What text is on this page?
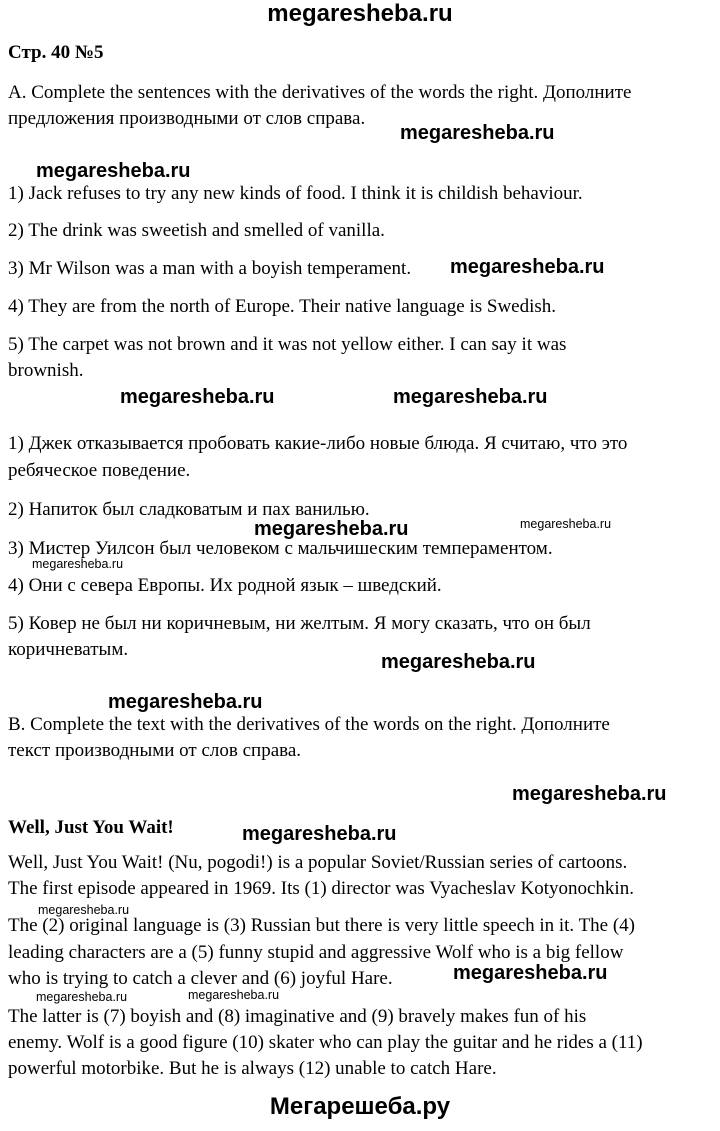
megaresheba.ru
Стр. 40 №5
A. Complete the sentences with the derivatives of the words the right. Дополните
предложения производными от слов справа.
1) Jack refuses to try any new kinds of food. I think it is childish behaviour.
2) The drink was sweetish and smelled of vanilla.
3) Mr Wilson was a man with a boyish temperament.
4) They are from the north of Europe. Their native language is Swedish.
5) The carpet was not brown and it was not yellow either. I can say it was
brownish.
1) Джек отказывается пробовать какие-либо новые блюда. Я считаю, что это
ребяческое поведение.
2) Напиток был сладковатым и пах ванилью.
3) Мистер Уилсон был человеком с мальчишеским темпераментом.
4) Они с севера Европы. Их родной язык – шведский.
5) Ковер не был ни коричневым, ни желтым. Я могу сказать, что он был
коричневатым.
B. Complete the text with the derivatives of the words on the right. Дополните
текст производными от слов справа.
Well, Just You Wait!
Well, Just You Wait! (Nu, pogodi!) is a popular Soviet/Russian series of cartoons.
The first episode appeared in 1969. Its (1) director was Vyacheslav Kotyonochkin.
The (2) original language is (3) Russian but there is very little speech in it. The (4)
leading characters are a (5) funny stupid and aggressive Wolf who is a big fellow
who is trying to catch a clever and (6) joyful Hare.
The latter is (7) boyish and (8) imaginative and (9) bravely makes fun of his
enemy. Wolf is a good figure (10) skater who can play the guitar and he rides a (11)
powerful motorbike. But he is always (12) unable to catch Hare.
megaresheba.ru
megaresheba.ru
megaresheba.ru
megaresheba.ru	megaresheba.ru
megaresheba.ru	megaresheba.ru
megaresheba.ru
megaresheba.ru
megaresheba.ru
megaresheba.ru
megaresheba.ru
megaresheba.ru
megaresheba.ru
megaresheba.ru	megaresheba.ru
Мегарешеба.ру
